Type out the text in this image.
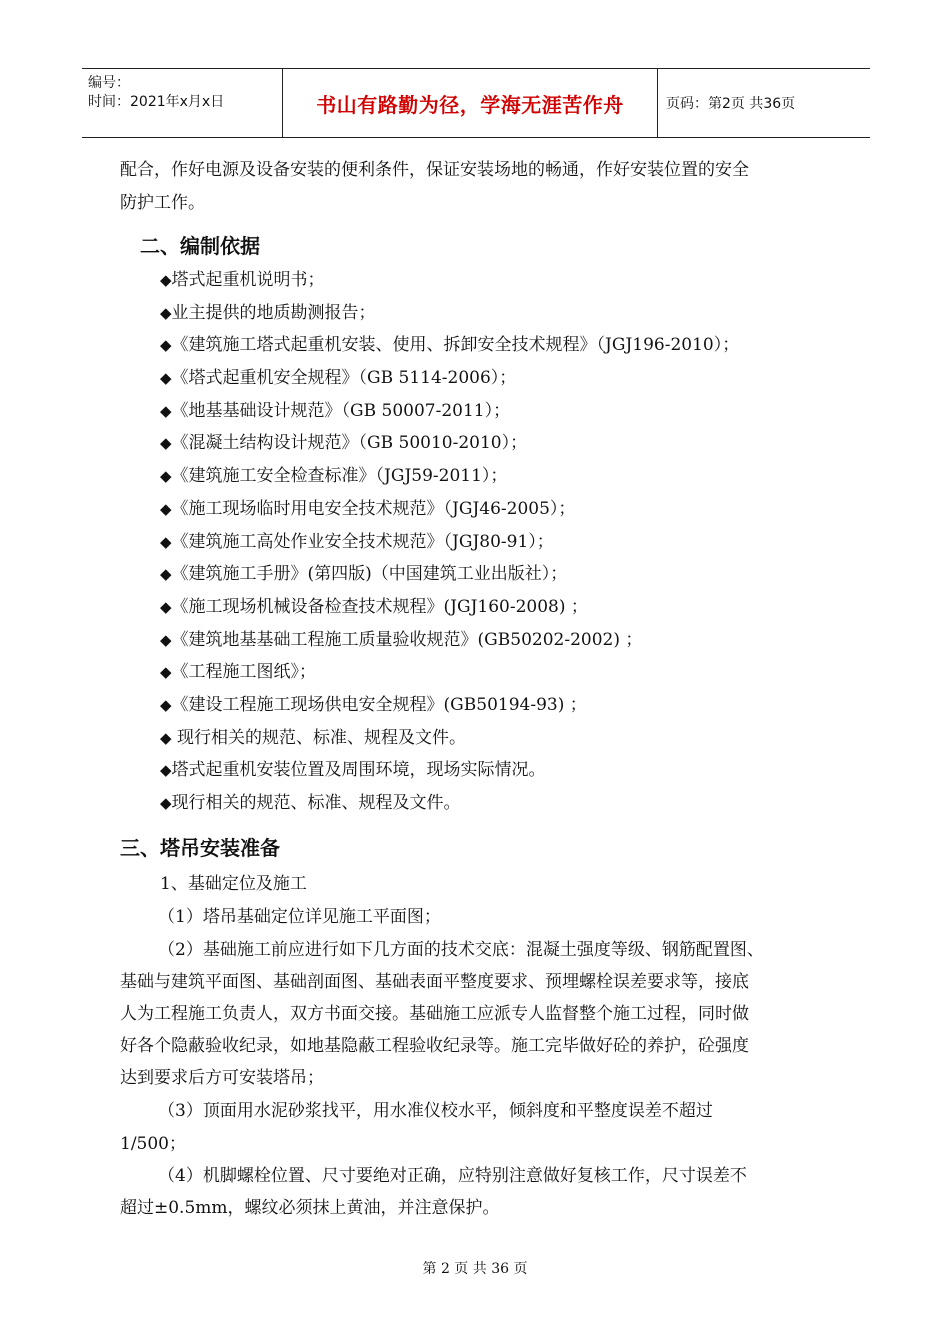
编号：
时间：2021年x月x日	书山有路勤为径，学海无涯苦作舟	页码：第2页 共36页
配合，作好电源及设备安装的便利条件，保证安装场地的畅通，作好安装位置的安全
防护工作。
二、编制依据
◆塔式起重机说明书；
◆业主提供的地质勘测报告；
◆《建筑施工塔式起重机安装、使用、拆卸安全技术规程》（JGJ196-2010）；
◆《塔式起重机安全规程》（GB 5114-2006）；
◆《地基基础设计规范》（GB 50007-2011）；
◆《混凝土结构设计规范》（GB 50010-2010）；
◆《建筑施工安全检查标准》（JGJ59-2011）；
◆《施工现场临时用电安全技术规范》（JGJ46-2005）；
◆《建筑施工高处作业安全技术规范》（JGJ80-91）；
◆《建筑施工手册》(第四版)（中国建筑工业出版社）；
◆《施工现场机械设备检查技术规程》(JGJ160-2008) ；
◆《建筑地基基础工程施工质量验收规范》(GB50202-2002) ；
◆《工程施工图纸》；
◆《建设工程施工现场供电安全规程》(GB50194-93) ；
◆ 现行相关的规范、标准、规程及文件。
◆塔式起重机安装位置及周围环境，现场实际情况。
◆现行相关的规范、标准、规程及文件。
三、塔吊安装准备
1、基础定位及施工
（1）塔吊基础定位详见施工平面图；
（2）基础施工前应进行如下几方面的技术交底：混凝土强度等级、钢筋配置图、
基础与建筑平面图、基础剖面图、基础表面平整度要求、预埋螺栓误差要求等，接底
人为工程施工负责人，双方书面交接。基础施工应派专人监督整个施工过程，同时做
好各个隐蔽验收纪录，如地基隐蔽工程验收纪录等。施工完毕做好砼的养护，砼强度
达到要求后方可安装塔吊；
（3）顶面用水泥砂浆找平，用水准仪校水平，倾斜度和平整度误差不超过
1/500；
（4）机脚螺栓位置、尺寸要绝对正确，应特别注意做好复核工作，尺寸误差不
超过±0.5mm，螺纹必须抹上黄油，并注意保护。
第 2 页 共 36 页
